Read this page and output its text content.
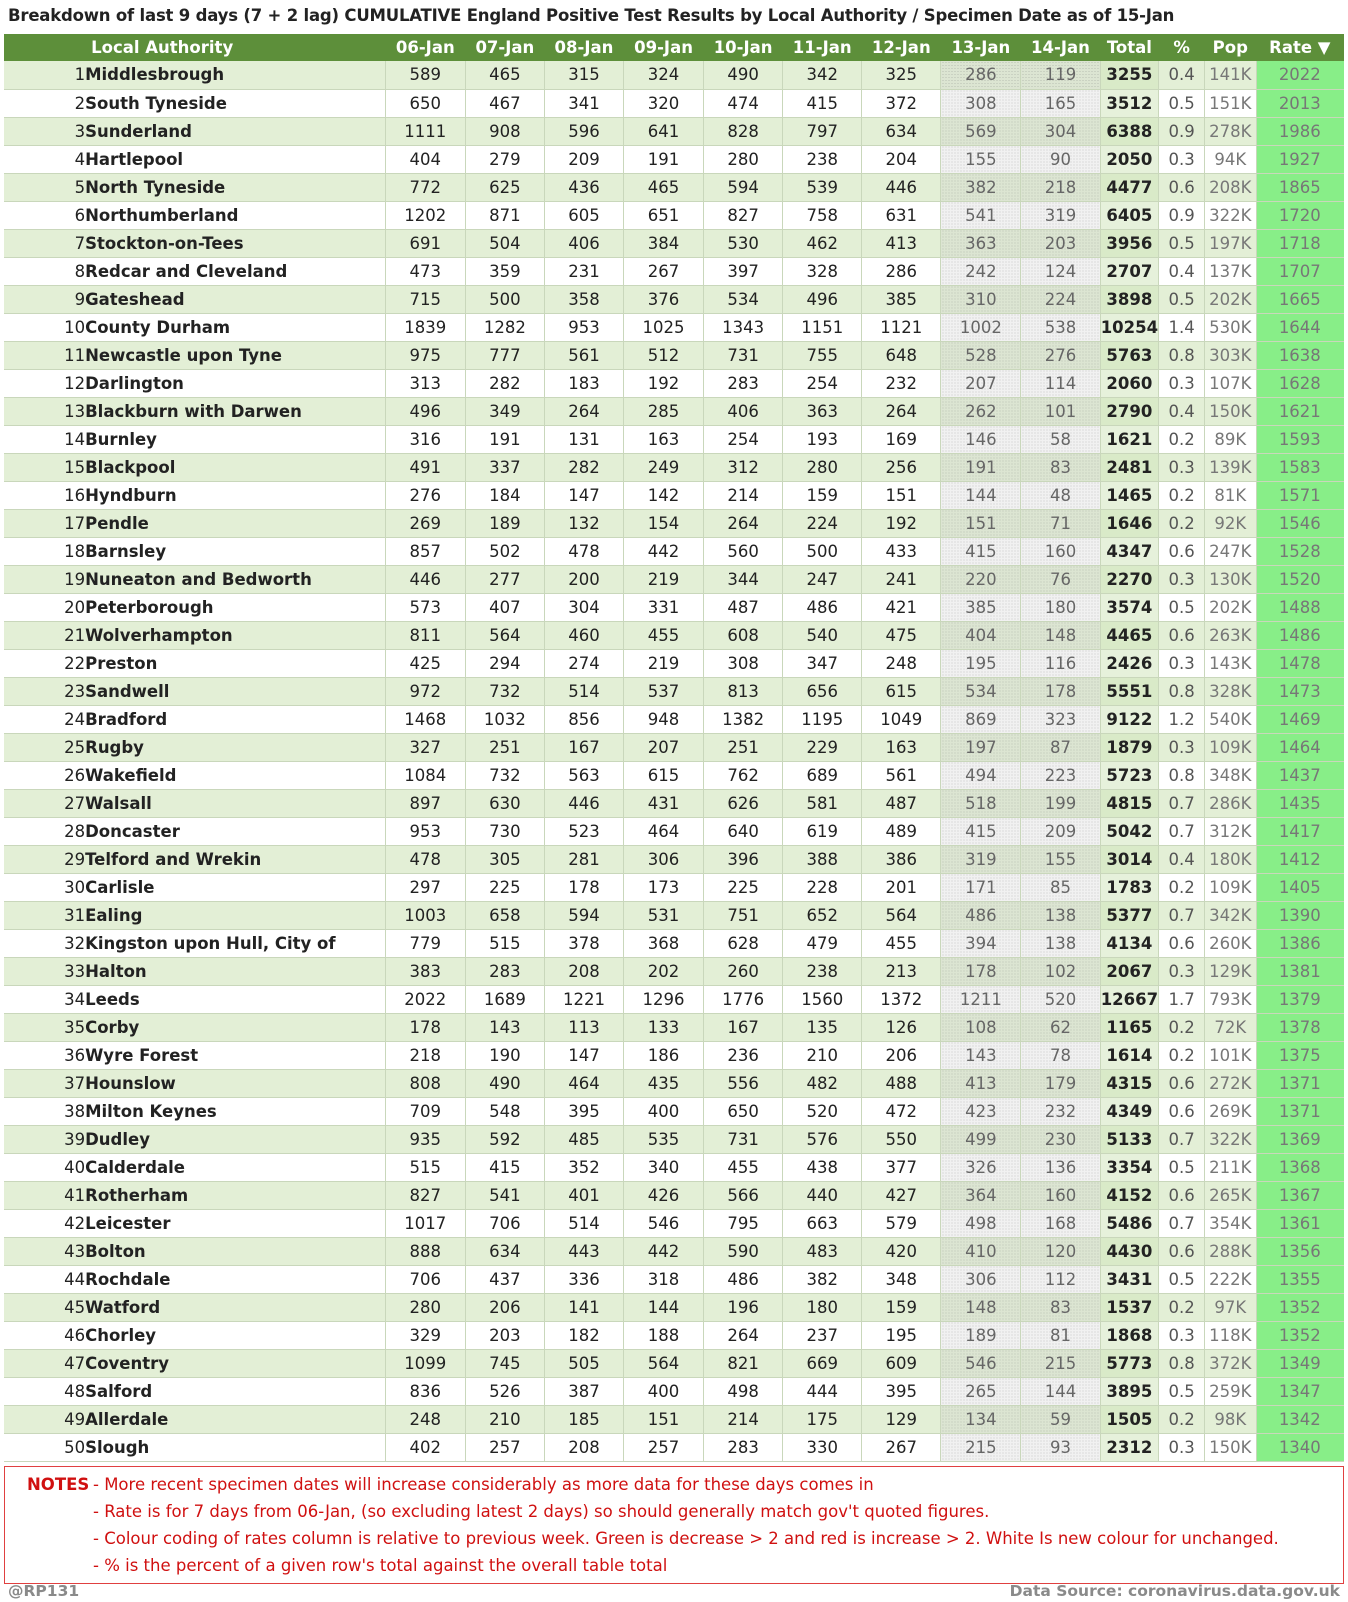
Breakdown of last 9 days (7 + 2 lag) CUMULATIVE England Positive Test Results by Local Authority / Specimen Date as of 15-Jan
	Local Authority	06-Jan	07-Jan	08-Jan	09-Jan	10-Jan	11-Jan	12-Jan	13-Jan	14-Jan	Total	%	Pop	Rate ▼
1	Middlesbrough	589	465	315	324	490	342	325	286	119	3255	0.4	141K	2022
2	South Tyneside	650	467	341	320	474	415	372	308	165	3512	0.5	151K	2013
3	Sunderland	1111	908	596	641	828	797	634	569	304	6388	0.9	278K	1986
4	Hartlepool	404	279	209	191	280	238	204	155	90	2050	0.3	94K	1927
5	North Tyneside	772	625	436	465	594	539	446	382	218	4477	0.6	208K	1865
6	Northumberland	1202	871	605	651	827	758	631	541	319	6405	0.9	322K	1720
7	Stockton-on-Tees	691	504	406	384	530	462	413	363	203	3956	0.5	197K	1718
8	Redcar and Cleveland	473	359	231	267	397	328	286	242	124	2707	0.4	137K	1707
9	Gateshead	715	500	358	376	534	496	385	310	224	3898	0.5	202K	1665
10	County Durham	1839	1282	953	1025	1343	1151	1121	1002	538	10254	1.4	530K	1644
11	Newcastle upon Tyne	975	777	561	512	731	755	648	528	276	5763	0.8	303K	1638
12	Darlington	313	282	183	192	283	254	232	207	114	2060	0.3	107K	1628
13	Blackburn with Darwen	496	349	264	285	406	363	264	262	101	2790	0.4	150K	1621
14	Burnley	316	191	131	163	254	193	169	146	58	1621	0.2	89K	1593
15	Blackpool	491	337	282	249	312	280	256	191	83	2481	0.3	139K	1583
16	Hyndburn	276	184	147	142	214	159	151	144	48	1465	0.2	81K	1571
17	Pendle	269	189	132	154	264	224	192	151	71	1646	0.2	92K	1546
18	Barnsley	857	502	478	442	560	500	433	415	160	4347	0.6	247K	1528
19	Nuneaton and Bedworth	446	277	200	219	344	247	241	220	76	2270	0.3	130K	1520
20	Peterborough	573	407	304	331	487	486	421	385	180	3574	0.5	202K	1488
21	Wolverhampton	811	564	460	455	608	540	475	404	148	4465	0.6	263K	1486
22	Preston	425	294	274	219	308	347	248	195	116	2426	0.3	143K	1478
23	Sandwell	972	732	514	537	813	656	615	534	178	5551	0.8	328K	1473
24	Bradford	1468	1032	856	948	1382	1195	1049	869	323	9122	1.2	540K	1469
25	Rugby	327	251	167	207	251	229	163	197	87	1879	0.3	109K	1464
26	Wakefield	1084	732	563	615	762	689	561	494	223	5723	0.8	348K	1437
27	Walsall	897	630	446	431	626	581	487	518	199	4815	0.7	286K	1435
28	Doncaster	953	730	523	464	640	619	489	415	209	5042	0.7	312K	1417
29	Telford and Wrekin	478	305	281	306	396	388	386	319	155	3014	0.4	180K	1412
30	Carlisle	297	225	178	173	225	228	201	171	85	1783	0.2	109K	1405
31	Ealing	1003	658	594	531	751	652	564	486	138	5377	0.7	342K	1390
32	Kingston upon Hull, City of	779	515	378	368	628	479	455	394	138	4134	0.6	260K	1386
33	Halton	383	283	208	202	260	238	213	178	102	2067	0.3	129K	1381
34	Leeds	2022	1689	1221	1296	1776	1560	1372	1211	520	12667	1.7	793K	1379
35	Corby	178	143	113	133	167	135	126	108	62	1165	0.2	72K	1378
36	Wyre Forest	218	190	147	186	236	210	206	143	78	1614	0.2	101K	1375
37	Hounslow	808	490	464	435	556	482	488	413	179	4315	0.6	272K	1371
38	Milton Keynes	709	548	395	400	650	520	472	423	232	4349	0.6	269K	1371
39	Dudley	935	592	485	535	731	576	550	499	230	5133	0.7	322K	1369
40	Calderdale	515	415	352	340	455	438	377	326	136	3354	0.5	211K	1368
41	Rotherham	827	541	401	426	566	440	427	364	160	4152	0.6	265K	1367
42	Leicester	1017	706	514	546	795	663	579	498	168	5486	0.7	354K	1361
43	Bolton	888	634	443	442	590	483	420	410	120	4430	0.6	288K	1356
44	Rochdale	706	437	336	318	486	382	348	306	112	3431	0.5	222K	1355
45	Watford	280	206	141	144	196	180	159	148	83	1537	0.2	97K	1352
46	Chorley	329	203	182	188	264	237	195	189	81	1868	0.3	118K	1352
47	Coventry	1099	745	505	564	821	669	609	546	215	5773	0.8	372K	1349
48	Salford	836	526	387	400	498	444	395	265	144	3895	0.5	259K	1347
49	Allerdale	248	210	185	151	214	175	129	134	59	1505	0.2	98K	1342
50	Slough	402	257	208	257	283	330	267	215	93	2312	0.3	150K	1340
NOTES - More recent specimen dates will increase considerably as more data for these days comes in
- Rate is for 7 days from 06-Jan, (so excluding latest 2 days) so should generally match gov't quoted figures.
- Colour coding of rates column is relative to previous week. Green is decrease > 2 and red is increase > 2. White Is new colour for unchanged.
- % is the percent of a given row's total against the overall table total
@RP131	Data Source: coronavirus.data.gov.uk
